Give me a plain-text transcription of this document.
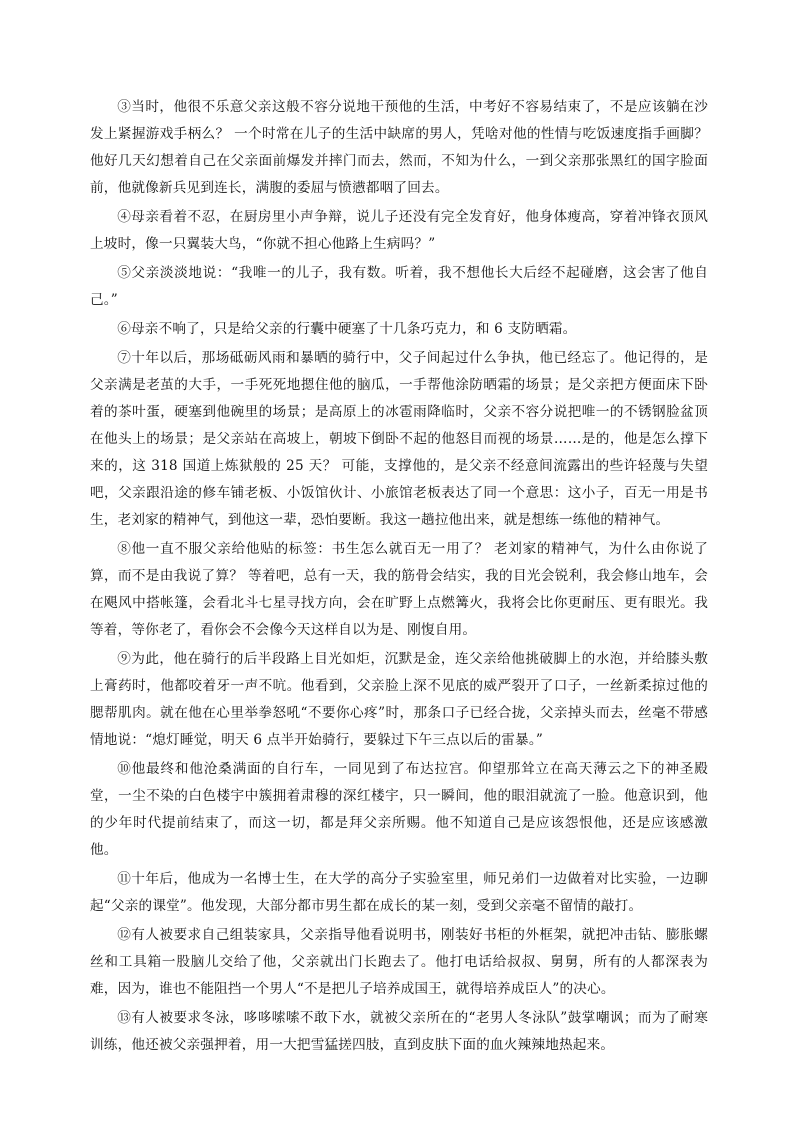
③当时，他很不乐意父亲这般不容分说地干预他的生活，中考好不容易结束了，不是应该躺在沙发上紧握游戏手柄么？ 一个时常在儿子的生活中缺席的男人，凭啥对他的性情与吃饭速度指手画脚？ 他好几天幻想着自己在父亲面前爆发并摔门而去，然而，不知为什么，一到父亲那张黑红的国字脸面前，他就像新兵见到连长，满腹的委屈与愤懑都咽了回去。

④母亲看着不忍，在厨房里小声争辩，说儿子还没有完全发育好，他身体瘦高，穿着冲锋衣顶风上坡时，像一只翼装大鸟，“你就不担心他路上生病吗？”

⑤父亲淡淡地说：“我唯一的儿子，我有数。听着，我不想他长大后经不起碰磨，这会害了他自己。”

⑥母亲不响了，只是给父亲的行囊中硬塞了十几条巧克力，和 6 支防晒霜。

⑦十年以后，那场砥砺风雨和暴晒的骑行中，父子间起过什么争执，他已经忘了。他记得的，是父亲满是老茧的大手，一手死死地摁住他的脑瓜，一手帮他涂防晒霜的场景；是父亲把方便面床下卧着的茶叶蛋，硬塞到他碗里的场景；是高原上的冰雹雨降临时，父亲不容分说把唯一的不锈钢脸盆顶在他头上的场景；是父亲站在高坡上，朝坡下倒卧不起的他怒目而视的场景……是的，他是怎么撑下来的，这 318 国道上炼狱般的 25 天？ 可能，支撑他的，是父亲不经意间流露出的些许轻蔑与失望吧，父亲跟沿途的修车铺老板、小饭馆伙计、小旅馆老板表达了同一个意思：这小子，百无一用是书生，老刘家的精神气，到他这一辈，恐怕要断。我这一趟拉他出来，就是想练一练他的精神气。

⑧他一直不服父亲给他贴的标签：书生怎么就百无一用了？ 老刘家的精神气，为什么由你说了算，而不是由我说了算？ 等着吧，总有一天，我的筋骨会结实，我的目光会锐利，我会修山地车，会在飓风中搭帐篷，会看北斗七星寻找方向，会在旷野上点燃篝火，我将会比你更耐压、更有眼光。我等着，等你老了，看你会不会像今天这样自以为是、刚愎自用。

⑨为此，他在骑行的后半段路上目光如炬，沉默是金，连父亲给他挑破脚上的水泡，并给膝头敷上膏药时，他都咬着牙一声不吭。他看到，父亲脸上深不见底的威严裂开了口子，一丝新柔掠过他的腮帮肌肉。就在他在心里举拳怒吼“不要你心疼”时，那条口子已经合拢，父亲掉头而去，丝毫不带感情地说：“熄灯睡觉，明天 6 点半开始骑行，要躲过下午三点以后的雷暴。”

⑩他最终和他沧桑满面的自行车，一同见到了布达拉宫。仰望那耸立在高天薄云之下的神圣殿堂，一尘不染的白色楼宇中簇拥着肃穆的深红楼宇，只一瞬间，他的眼泪就流了一脸。他意识到，他的少年时代提前结束了，而这一切，都是拜父亲所赐。他不知道自己是应该怨恨他，还是应该感激他。

⑪十年后，他成为一名博士生，在大学的高分子实验室里，师兄弟们一边做着对比实验，一边聊起“父亲的课堂”。他发现，大部分都市男生都在成长的某一刻，受到父亲毫不留情的敲打。

⑫有人被要求自己组装家具，父亲指导他看说明书，刚装好书柜的外框架，就把冲击钻、膨胀螺丝和工具箱一股脑儿交给了他，父亲就出门长跑去了。他打电话给叔叔、舅舅，所有的人都深表为难，因为，谁也不能阻挡一个男人“不是把儿子培养成国王，就得培养成臣人”的决心。

⑬有人被要求冬泳，哆哆嗦嗦不敢下水，就被父亲所在的“老男人冬泳队”鼓掌嘲讽；而为了耐寒训练，他还被父亲强押着，用一大把雪猛搓四肢，直到皮肤下面的血火辣辣地热起来。
